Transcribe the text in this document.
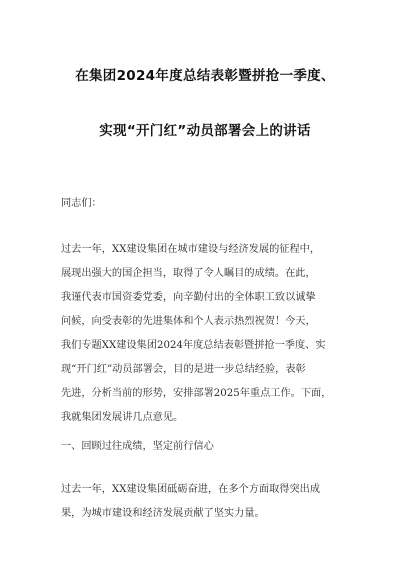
在集团2024年度总结表彰暨拼抢一季度、
实现“开门红”动员部署会上的讲话
同志们：
过去一年，XX建设集团在城市建设与经济发展的征程中，
展现出强大的国企担当，取得了令人瞩目的成绩。在此，
我谨代表市国资委党委，向辛勤付出的全体职工致以诚挚
问候，向受表彰的先进集体和个人表示热烈祝贺！今天，
我们专题XX建设集团2024年度总结表彰暨拼抢一季度、实
现“开门红”动员部署会，目的是进一步总结经验，表彰
先进，分析当前的形势，安排部署2025年重点工作。下面，
我就集团发展讲几点意见。
一、回顾过往成绩，坚定前行信心
过去一年，XX建设集团砥砺奋进，在多个方面取得突出成
果，为城市建设和经济发展贡献了坚实力量。
